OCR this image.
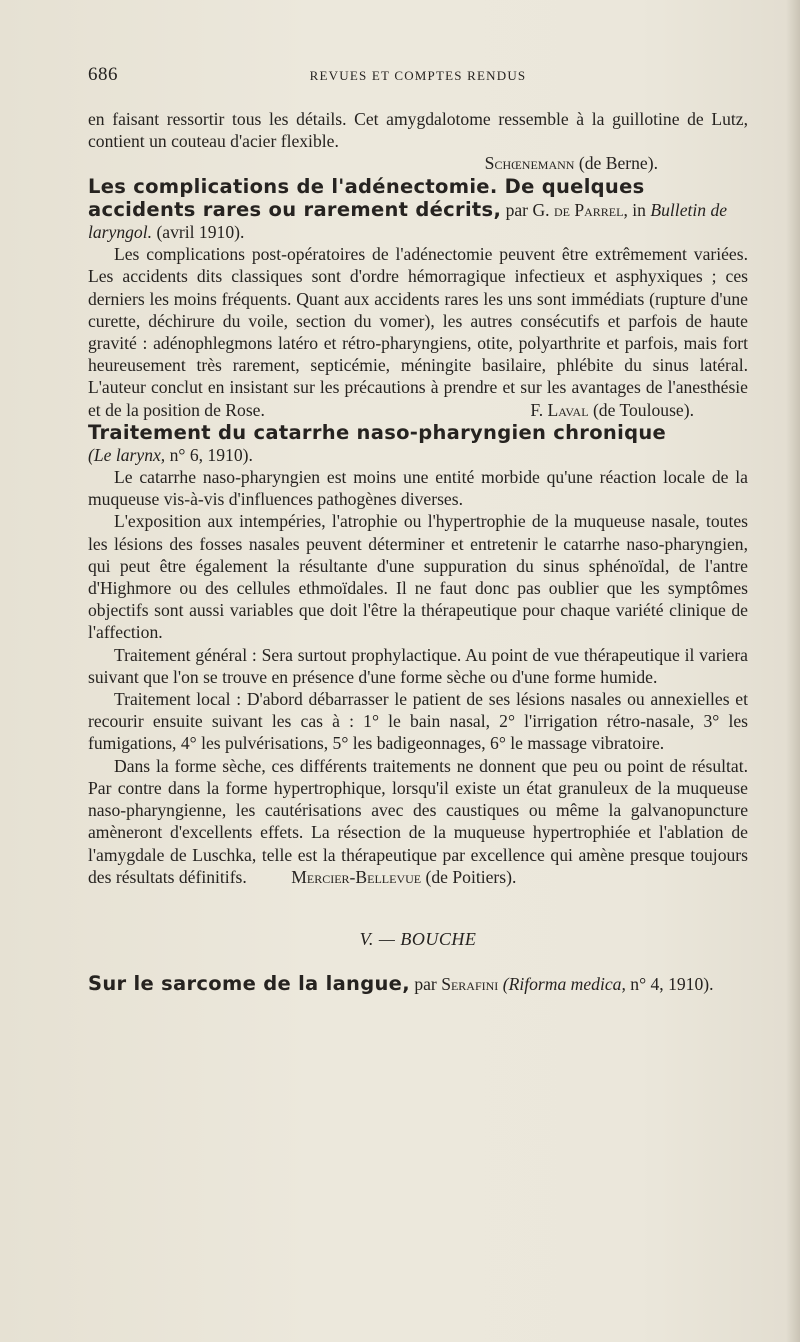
686	REVUES ET COMPTES RENDUS

en faisant ressortir tous les détails. Cet amygdalotome ressemble à la guillotine de Lutz, contient un couteau d'acier flexible.

Schœnemann (de Berne).

Les complications de l'adénectomie. De quelques accidents rares ou rarement décrits, par G. de Parrel, in Bulletin de laryngol. (avril 1910).

Les complications post-opératoires de l'adénectomie peuvent être extrêmement variées. Les accidents dits classiques sont d'ordre hémorragique infectieux et asphyxiques ; ces derniers les moins fréquents. Quant aux accidents rares les uns sont immédiats (rupture d'une curette, déchirure du voile, section du vomer), les autres consécutifs et parfois de haute gravité : adénophlegmons latéro et rétro-pharyngiens, otite, polyarthrite et parfois, mais fort heureusement très rarement, septicémie, méningite basilaire, phlébite du sinus latéral. L'auteur conclut en insistant sur les précautions à prendre et sur les avantages de l'anesthésie et de la position de Rose.	F. Laval (de Toulouse).

Traitement du catarrhe naso-pharyngien chronique

(Le larynx, n° 6, 1910).

Le catarrhe naso-pharyngien est moins une entité morbide qu'une réaction locale de la muqueuse vis-à-vis d'influences pathogènes diverses.

L'exposition aux intempéries, l'atrophie ou l'hypertrophie de la muqueuse nasale, toutes les lésions des fosses nasales peuvent déterminer et entretenir le catarrhe naso-pharyngien, qui peut être également la résultante d'une suppuration du sinus sphénoïdal, de l'antre d'Highmore ou des cellules ethmoïdales. Il ne faut donc pas oublier que les symptômes objectifs sont aussi variables que doit l'être la thérapeutique pour chaque variété clinique de l'affection.

Traitement général : Sera surtout prophylactique. Au point de vue thérapeutique il variera suivant que l'on se trouve en présence d'une forme sèche ou d'une forme humide.

Traitement local : D'abord débarrasser le patient de ses lésions nasales ou annexielles et recourir ensuite suivant les cas à : 1° le bain nasal, 2° l'irrigation rétro-nasale, 3° les fumigations, 4° les pulvérisations, 5° les badigeonnages, 6° le massage vibratoire.

Dans la forme sèche, ces différents traitements ne donnent que peu ou point de résultat. Par contre dans la forme hypertrophique, lorsqu'il existe un état granuleux de la muqueuse naso-pharyngienne, les cautérisations avec des caustiques ou même la galvanopuncture amèneront d'excellents effets. La résection de la muqueuse hypertrophiée et l'ablation de l'amygdale de Luschka, telle est la thérapeutique par excellence qui amène presque toujours des résultats définitifs.	Mercier-Bellevue (de Poitiers).

V. — BOUCHE

Sur le sarcome de la langue, par Serafini (Riforma medica, n° 4, 1910).
